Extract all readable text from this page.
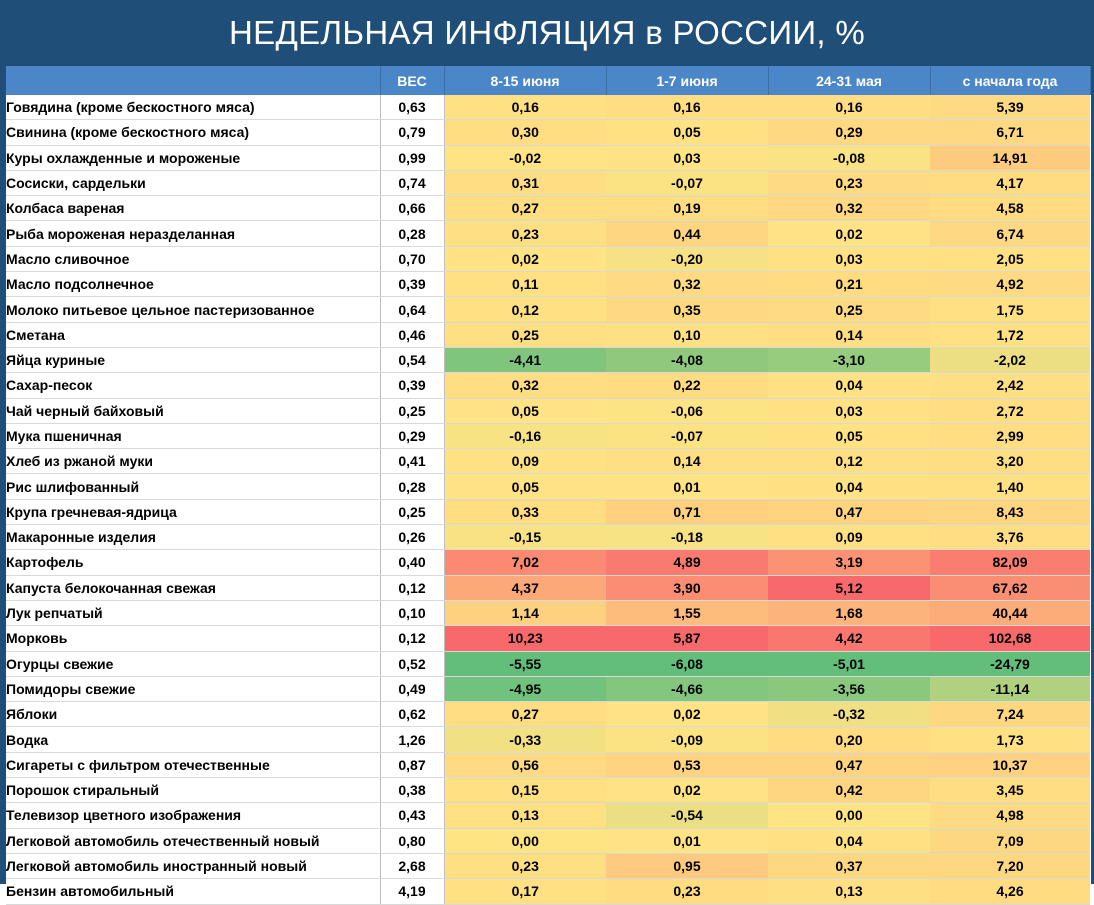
НЕДЕЛЬНАЯ ИНФЛЯЦИЯ в РОССИИ, %
	ВЕС	8-15 июня	1-7 июня	24-31 мая	с начала года
Говядина (кроме бескостного мяса)	0,63	0,16	0,16	0,16	5,39
Свинина (кроме бескостного мяса)	0,79	0,30	0,05	0,29	6,71
Куры охлажденные и мороженые	0,99	-0,02	0,03	-0,08	14,91
Сосиски, сардельки	0,74	0,31	-0,07	0,23	4,17
Колбаса вареная	0,66	0,27	0,19	0,32	4,58
Рыба мороженая неразделанная	0,28	0,23	0,44	0,02	6,74
Масло сливочное	0,70	0,02	-0,20	0,03	2,05
Масло подсолнечное	0,39	0,11	0,32	0,21	4,92
Молоко питьевое цельное пастеризованное	0,64	0,12	0,35	0,25	1,75
Сметана	0,46	0,25	0,10	0,14	1,72
Яйца куриные	0,54	-4,41	-4,08	-3,10	-2,02
Сахар-песок	0,39	0,32	0,22	0,04	2,42
Чай черный байховый	0,25	0,05	-0,06	0,03	2,72
Мука пшеничная	0,29	-0,16	-0,07	0,05	2,99
Хлеб из ржаной муки	0,41	0,09	0,14	0,12	3,20
Рис шлифованный	0,28	0,05	0,01	0,04	1,40
Крупа гречневая-ядрица	0,25	0,33	0,71	0,47	8,43
Макаронные изделия	0,26	-0,15	-0,18	0,09	3,76
Картофель	0,40	7,02	4,89	3,19	82,09
Капуста белокочанная свежая	0,12	4,37	3,90	5,12	67,62
Лук репчатый	0,10	1,14	1,55	1,68	40,44
Морковь	0,12	10,23	5,87	4,42	102,68
Огурцы свежие	0,52	-5,55	-6,08	-5,01	-24,79
Помидоры свежие	0,49	-4,95	-4,66	-3,56	-11,14
Яблоки	0,62	0,27	0,02	-0,32	7,24
Водка	1,26	-0,33	-0,09	0,20	1,73
Сигареты с фильтром отечественные	0,87	0,56	0,53	0,47	10,37
Порошок стиральный	0,38	0,15	0,02	0,42	3,45
Телевизор цветного изображения	0,43	0,13	-0,54	0,00	4,98
Легковой автомобиль отечественный новый	0,80	0,00	0,01	0,04	7,09
Легковой автомобиль иностранный новый	2,68	0,23	0,95	0,37	7,20
Бензин автомобильный	4,19	0,17	0,23	0,13	4,26
